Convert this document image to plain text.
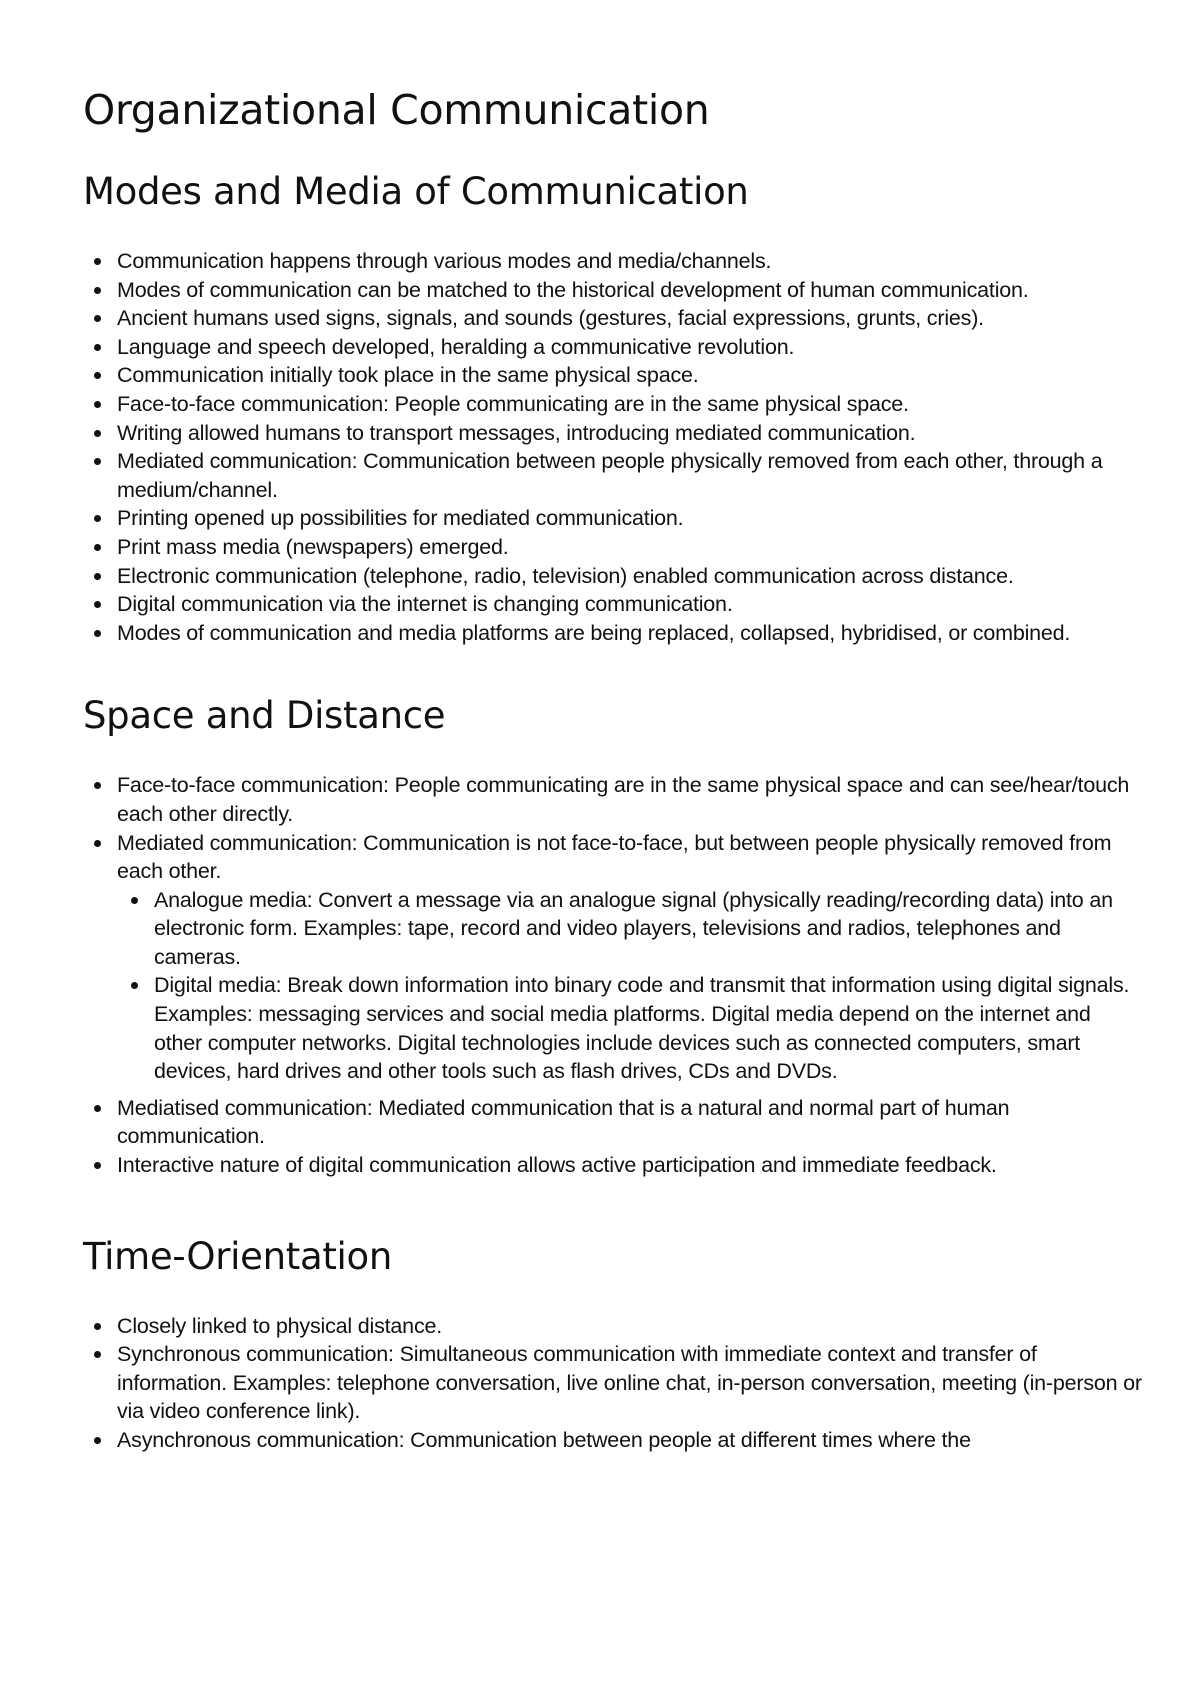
Organizational Communication
Modes and Media of Communication
Communication happens through various modes and media/channels.
Modes of communication can be matched to the historical development of human communication.
Ancient humans used signs, signals, and sounds (gestures, facial expressions, grunts, cries).
Language and speech developed, heralding a communicative revolution.
Communication initially took place in the same physical space.
Face-to-face communication: People communicating are in the same physical space.
Writing allowed humans to transport messages, introducing mediated communication.
Mediated communication: Communication between people physically removed from each other, through a medium/channel.
Printing opened up possibilities for mediated communication.
Print mass media (newspapers) emerged.
Electronic communication (telephone, radio, television) enabled communication across distance.
Digital communication via the internet is changing communication.
Modes of communication and media platforms are being replaced, collapsed, hybridised, or combined.
Space and Distance
Face-to-face communication: People communicating are in the same physical space and can see/hear/touch each other directly.
Mediated communication: Communication is not face-to-face, but between people physically removed from each other.
Analogue media: Convert a message via an analogue signal (physically reading/recording data) into an electronic form. Examples: tape, record and video players, televisions and radios, telephones and cameras.
Digital media: Break down information into binary code and transmit that information using digital signals. Examples: messaging services and social media platforms. Digital media depend on the internet and other computer networks. Digital technologies include devices such as connected computers, smart devices, hard drives and other tools such as flash drives, CDs and DVDs.
Mediatised communication: Mediated communication that is a natural and normal part of human communication.
Interactive nature of digital communication allows active participation and immediate feedback.
Time-Orientation
Closely linked to physical distance.
Synchronous communication: Simultaneous communication with immediate context and transfer of information. Examples: telephone conversation, live online chat, in-person conversation, meeting (in-person or via video conference link).
Asynchronous communication: Communication between people at different times where the
